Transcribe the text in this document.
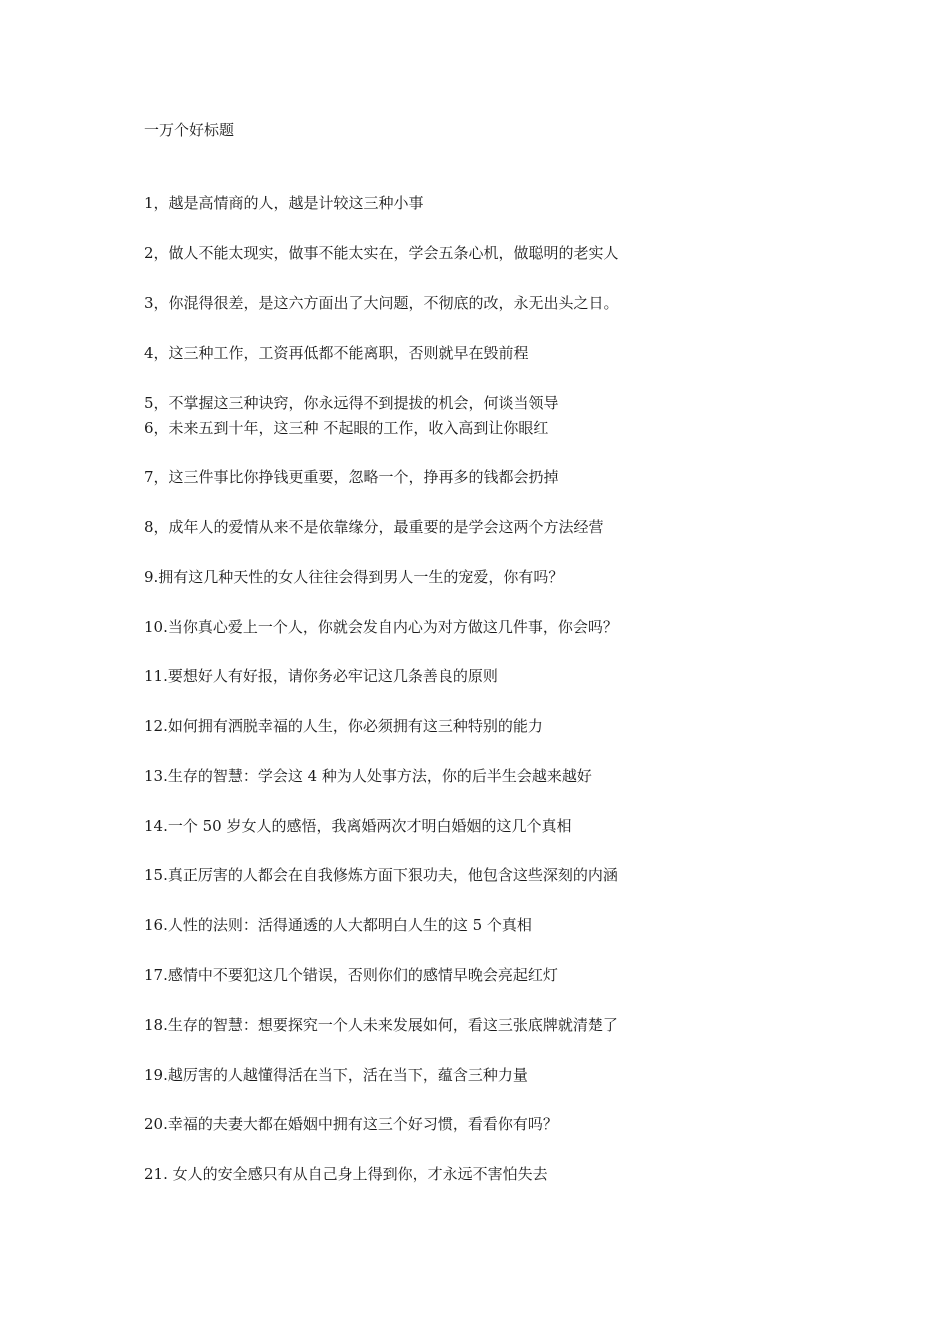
一万个好标题
1，越是高情商的人，越是计较这三种小事
2，做人不能太现实，做事不能太实在，学会五条心机，做聪明的老实人
3，你混得很差，是这六方面出了大问题，不彻底的改，永无出头之日。
4，这三种工作，工资再低都不能离职，否则就早在毁前程
5，不掌握这三种诀窍，你永远得不到提拔的机会，何谈当领导
6，未来五到十年，这三种 不起眼的工作，收入高到让你眼红
7，这三件事比你挣钱更重要，忽略一个，挣再多的钱都会扔掉
8，成年人的爱情从来不是依靠缘分，最重要的是学会这两个方法经营
9.拥有这几种天性的女人往往会得到男人一生的宠爱，你有吗？
10.当你真心爱上一个人，你就会发自内心为对方做这几件事，你会吗？
11.要想好人有好报，请你务必牢记这几条善良的原则
12.如何拥有洒脱幸福的人生，你必须拥有这三种特别的能力
13.生存的智慧：学会这 4 种为人处事方法，你的后半生会越来越好
14.一个 50 岁女人的感悟，我离婚两次才明白婚姻的这几个真相
15.真正厉害的人都会在自我修炼方面下狠功夫，他包含这些深刻的内涵
16.人性的法则：活得通透的人大都明白人生的这 5 个真相
17.感情中不要犯这几个错误，否则你们的感情早晚会亮起红灯
18.生存的智慧：想要探究一个人未来发展如何，看这三张底牌就清楚了
19.越厉害的人越懂得活在当下，活在当下，蕴含三种力量
20.幸福的夫妻大都在婚姻中拥有这三个好习惯，看看你有吗？
21. 女人的安全感只有从自己身上得到你，才永远不害怕失去
